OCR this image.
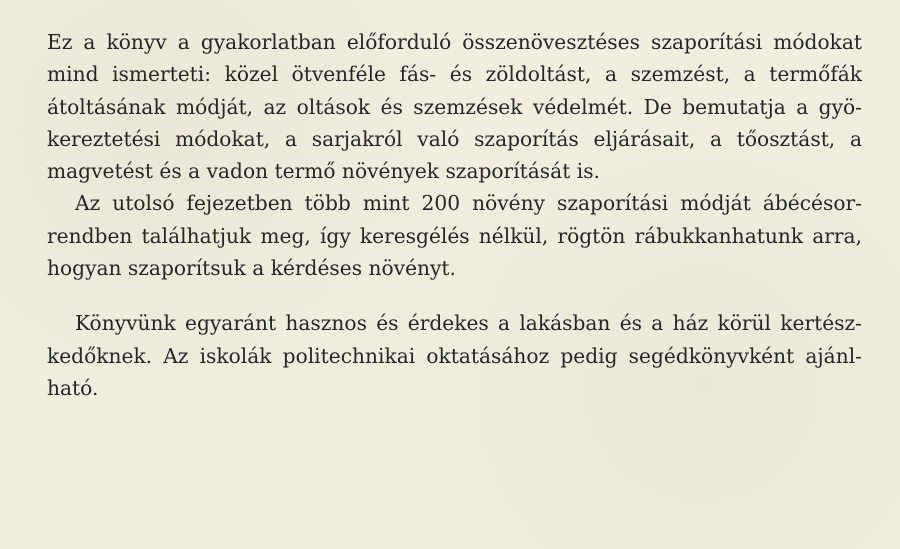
Ez a könyv a gyakorlatban előforduló összenövesztéses szaporítási módokat
mind ismerteti: közel ötvenféle fás- és zöldoltást, a szemzést, a termőfák
átoltásának módját, az oltások és szemzések védelmét. De bemutatja a gyö-
kereztetési módokat, a sarjakról való szaporítás eljárásait, a tőosztást, a
magvetést és a vadon termő növények szaporítását is.

Az utolsó fejezetben több mint 200 növény szaporítási módját ábécésor-
rendben találhatjuk meg, így keresgélés nélkül, rögtön rábukkanhatunk arra,
hogyan szaporítsuk a kérdéses növényt.

Könyvünk egyaránt hasznos és érdekes a lakásban és a ház körül kertész-
kedőknek. Az iskolák politechnikai oktatásához pedig segédkönyvként ajánl-
ható.
